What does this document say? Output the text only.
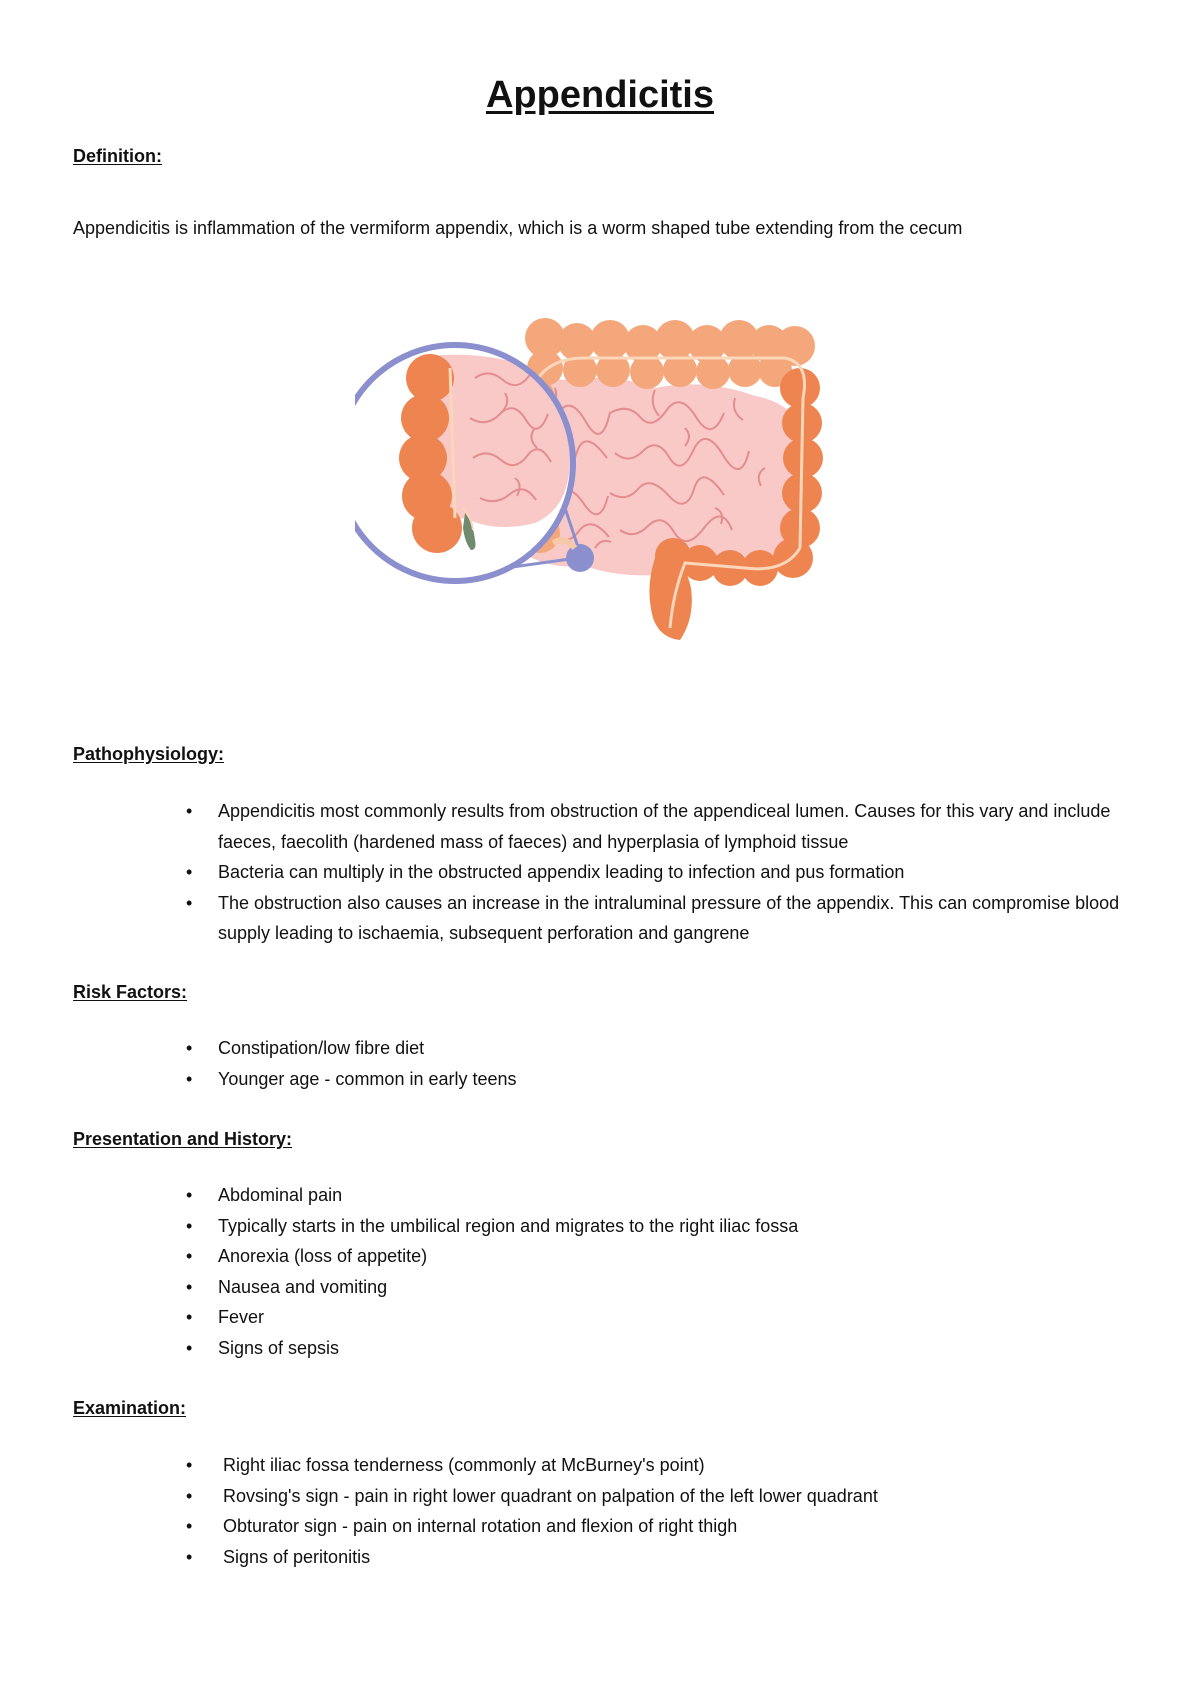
Appendicitis

Definition:

Appendicitis is inflammation of the vermiform appendix, which is a worm shaped tube extending from the cecum

Pathophysiology:

• Appendicitis most commonly results from obstruction of the appendiceal lumen. Causes for this vary and include faeces, faecolith (hardened mass of faeces) and hyperplasia of lymphoid tissue
• Bacteria can multiply in the obstructed appendix leading to infection and pus formation
• The obstruction also causes an increase in the intraluminal pressure of the appendix. This can compromise blood supply leading to ischaemia, subsequent perforation and gangrene

Risk Factors:

• Constipation/low fibre diet
• Younger age - common in early teens

Presentation and History:

• Abdominal pain
• Typically starts in the umbilical region and migrates to the right iliac fossa
• Anorexia (loss of appetite)
• Nausea and vomiting
• Fever
• Signs of sepsis

Examination:

• Right iliac fossa tenderness (commonly at McBurney's point)
• Rovsing's sign - pain in right lower quadrant on palpation of the left lower quadrant
• Obturator sign - pain on internal rotation and flexion of right thigh
• Signs of peritonitis
